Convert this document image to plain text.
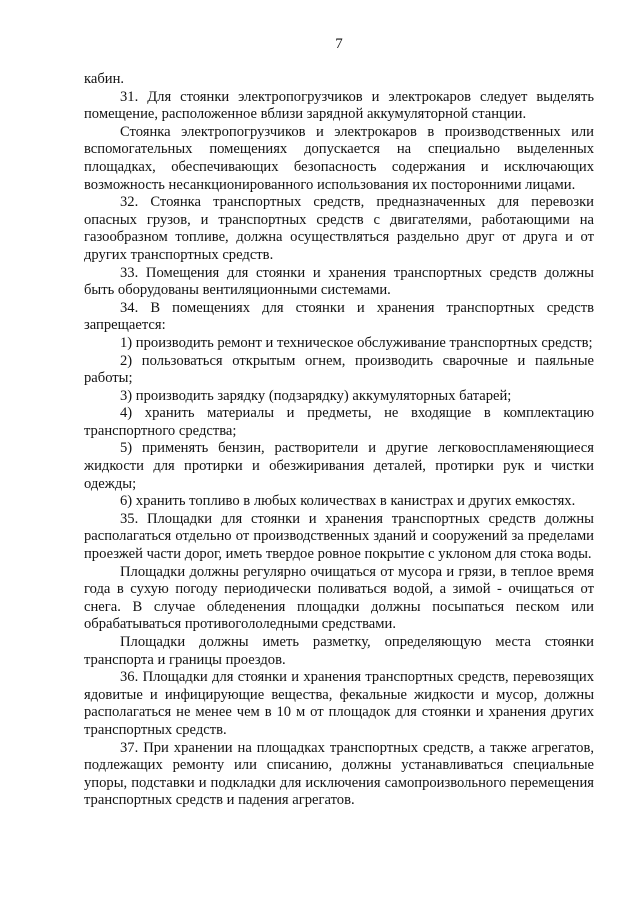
7

кабин.

31. Для стоянки электропогрузчиков и электрокаров следует выделять помещение, расположенное вблизи зарядной аккумуляторной станции.

Стоянка электропогрузчиков и электрокаров в производственных или вспомогательных помещениях допускается на специально выделенных площадках, обеспечивающих безопасность содержания и исключающих возможность несанкционированного использования их посторонними лицами.

32. Стоянка транспортных средств, предназначенных для перевозки опасных грузов, и транспортных средств с двигателями, работающими на газообразном топливе, должна осуществляться раздельно друг от друга и от других транспортных средств.

33. Помещения для стоянки и хранения транспортных средств должны быть оборудованы вентиляционными системами.

34. В помещениях для стоянки и хранения транспортных средств запрещается:

1) производить ремонт и техническое обслуживание транспортных средств;

2) пользоваться открытым огнем, производить сварочные и паяльные работы;

3) производить зарядку (подзарядку) аккумуляторных батарей;

4) хранить материалы и предметы, не входящие в комплектацию транспортного средства;

5) применять бензин, растворители и другие легковоспламеняющиеся жидкости для протирки и обезжиривания деталей, протирки рук и чистки одежды;

6) хранить топливо в любых количествах в канистрах и других емкостях.

35. Площадки для стоянки и хранения транспортных средств должны располагаться отдельно от производственных зданий и сооружений за пределами проезжей части дорог, иметь твердое ровное покрытие с уклоном для стока воды.

Площадки должны регулярно очищаться от мусора и грязи, в теплое время года в сухую погоду периодически поливаться водой, а зимой - очищаться от снега. В случае обледенения площадки должны посыпаться песком или обрабатываться противогололедными средствами.

Площадки должны иметь разметку, определяющую места стоянки транспорта и границы проездов.

36. Площадки для стоянки и хранения транспортных средств, перевозящих ядовитые и инфицирующие вещества, фекальные жидкости и мусор, должны располагаться не менее чем в 10 м от площадок для стоянки и хранения других транспортных средств.

37. При хранении на площадках транспортных средств, а также агрегатов, подлежащих ремонту или списанию, должны устанавливаться специальные упоры, подставки и подкладки для исключения самопроизвольного перемещения транспортных средств и падения агрегатов.
